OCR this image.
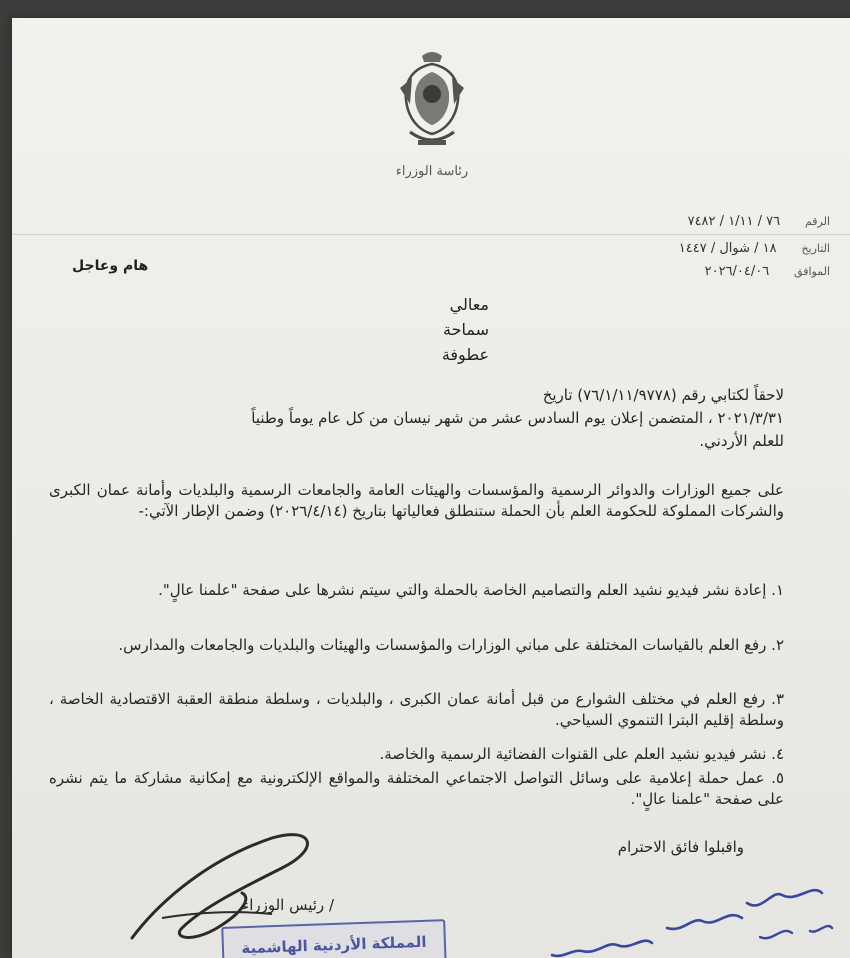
رئاسة الوزراء
الرقم      ٧٦ / ١/١١ / ٧٤٨٢
التاريخ      ١٨ / شوال / ١٤٤٧
الموافق      ٢٠٢٦/٠٤/٠٦
هام وعاجل
معالي
سماحة
عطوفة
لاحقاً لكتابي رقم (٧٦/١/١١/٩٧٧٨) تاريخ
٢٠٢١/٣/٣١ ، المتضمن إعلان يوم السادس عشر من شهر نيسان من كل عام يوماً وطنياً
للعلم الأردني.
على جميع الوزارات والدوائر الرسمية والمؤسسات والهيئات العامة والجامعات الرسمية والبلديات وأمانة عمان الكبرى والشركات المملوكة للحكومة العلم بأن الحملة ستنطلق فعالياتها بتاريخ (٢٠٢٦/٤/١٤) وضمن الإطار الآتي:-
١. إعادة نشر فيديو نشيد العلم والتصاميم الخاصة بالحملة والتي سيتم نشرها على صفحة "علمنا عالٍ".
٢. رفع العلم بالقياسات المختلفة على مباني الوزارات والمؤسسات والهيئات والبلديات والجامعات والمدارس.
٣. رفع العلم في مختلف الشوارع من قبل أمانة عمان الكبرى ، والبلديات ، وسلطة منطقة العقبة الاقتصادية الخاصة ، وسلطة إقليم البترا التنموي السياحي.
٤. نشر فيديو نشيد العلم على القنوات الفضائية الرسمية والخاصة.
٥. عمل حملة إعلامية على وسائل التواصل الاجتماعي المختلفة والمواقع الإلكترونية مع إمكانية مشاركة ما يتم نشره على صفحة "علمنا عالٍ".
واقبلوا فائق الاحترام
/ رئيس الوزراء
المملكة الأردنية الهاشمية
